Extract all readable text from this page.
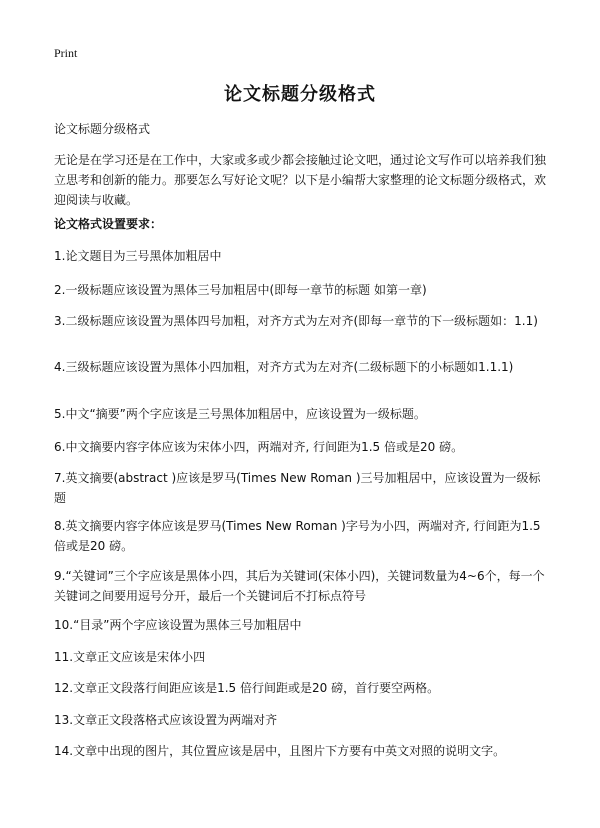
Print
论文标题分级格式

论文标题分级格式

无论是在学习还是在工作中，大家或多或少都会接触过论文吧，通过论文写作可以培养我们独立思考和创新的能力。那要怎么写好论文呢？以下是小编帮大家整理的论文标题分级格式，欢迎阅读与收藏。

论文格式设置要求：

1.论文题目为三号黑体加粗居中

2.一级标题应该设置为黑体三号加粗居中(即每一章节的标题 如第一章)

3.二级标题应该设置为黑体四号加粗，对齐方式为左对齐(即每一章节的下一级标题如：1.1)

4.三级标题应该设置为黑体小四加粗，对齐方式为左对齐(二级标题下的小标题如1.1.1)

5.中文“摘要”两个字应该是三号黑体加粗居中，应该设置为一级标题。

6.中文摘要内容字体应该为宋体小四，两端对齐, 行间距为1.5 倍或是20 磅。

7.英文摘要(abstract )应该是罗马(Times New Roman )三号加粗居中，应该设置为一级标题

8.英文摘要内容字体应该是罗马(Times New Roman )字号为小四，两端对齐, 行间距为1.5 倍或是20 磅。

9.“关键词”三个字应该是黑体小四，其后为关键词(宋体小四)，关键词数量为4~6个，每一个关键词之间要用逗号分开，最后一个关键词后不打标点符号

10.“目录”两个字应该设置为黑体三号加粗居中

11.文章正文应该是宋体小四

12.文章正文段落行间距应该是1.5 倍行间距或是20 磅，首行要空两格。

13.文章正文段落格式应该设置为两端对齐

14.文章中出现的图片，其位置应该是居中，且图片下方要有中英文对照的说明文字。
